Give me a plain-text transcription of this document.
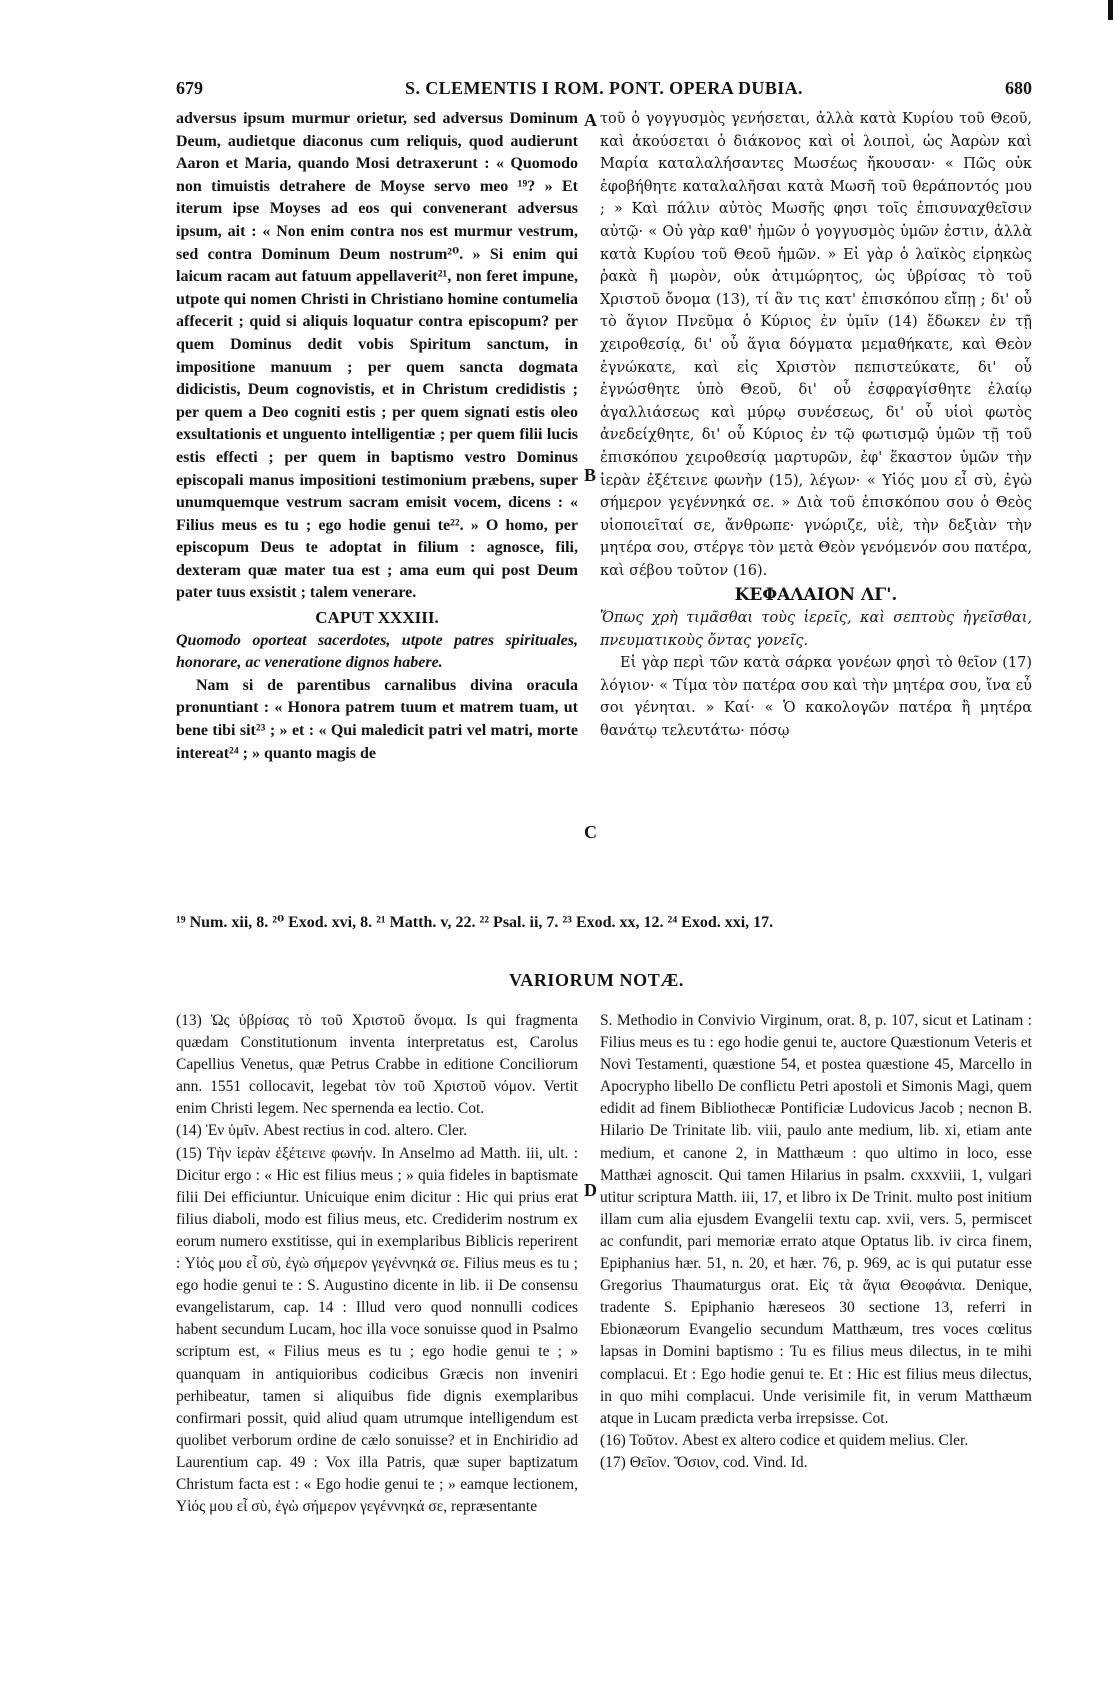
679	S. CLEMENTIS I ROM. PONT. OPERA DUBIA.	680

adversus ipsum murmur orietur, sed adversus Dominum Deum, audietque diaconus cum reliquis, quod audierunt Aaron et Maria, quando Mosi detraxerunt : « Quomodo non timuistis detrahere de Moyse servo meo ¹⁹? » Et iterum ipse Moyses ad eos qui convenerant adversus ipsum, ait : « Non enim contra nos est murmur vestrum, sed contra Dominum Deum nostrum²⁰. » Si enim qui laicum racam aut fatuum appellaverit²¹, non feret impune, utpote qui nomen Christi in Christiano homine contumelia affecerit ; quid si aliquis loquatur contra episcopum? per quem Dominus dedit vobis Spiritum sanctum, in impositione manuum ; per quem sancta dogmata didicistis, Deum cognovistis, et in Christum credidistis ; per quem a Deo cogniti estis ; per quem signati estis oleo exsultationis et unguento intelligentiæ ; per quem filii lucis estis effecti ; per quem in baptismo vestro Dominus episcopali manus impositioni testimonium præbens, super unumquemque vestrum sacram emisit vocem, dicens : « Filius meus es tu ; ego hodie genui te²². » O homo, per episcopum Deus te adoptat in filium : agnosce, fili, dexteram quæ mater tua est ; ama eum qui post Deum pater tuus exsistit ; talem venerare.

CAPUT XXXIII.

Quomodo oporteat sacerdotes, utpote patres spirituales, honorare, ac veneratione dignos habere.

Nam si de parentibus carnalibus divina oracula pronuntiant : « Honora patrem tuum et matrem tuam, ut bene tibi sit²³ ; » et : « Qui maledicit patri vel matri, morte intereat²⁴ ; » quanto magis de

A
B
C

τοῦ ὁ γογγυσμὸς γενήσεται, ἀλλὰ κατὰ Κυρίου τοῦ Θεοῦ, καὶ ἀκούσεται ὁ διάκονος καὶ οἱ λοιποὶ, ὡς Ἀαρὼν καὶ Μαρία καταλαλήσαντες Μωσέως ἤκουσαν· « Πῶς οὐκ ἐφοβήθητε καταλαλῆσαι κατὰ Μωσῆ τοῦ θεράποντός μου ; » Καὶ πάλιν αὐτὸς Μωσῆς φησι τοῖς ἐπισυναχθεῖσιν αὐτῷ· « Οὐ γὰρ καθ' ἡμῶν ὁ γογγυσμὸς ὑμῶν ἐστιν, ἀλλὰ κατὰ Κυρίου τοῦ Θεοῦ ἡμῶν. » Εἰ γὰρ ὁ λαϊκὸς εἰρηκὼς ῥακὰ ἢ μωρὸν, οὐκ ἀτιμώρητος, ὡς ὑβρίσας τὸ τοῦ Χριστοῦ ὄνομα (13), τί ἂν τις κατ' ἐπισκόπου εἴπῃ ; δι' οὗ τὸ ἅγιον Πνεῦμα ὁ Κύριος ἐν ὑμῖν (14) ἔδωκεν ἐν τῇ χειροθεσίᾳ, δι' οὗ ἅγια δόγματα μεμαθήκατε, καὶ Θεὸν ἐγνώκατε, καὶ εἰς Χριστὸν πεπιστεύκατε, δι' οὗ ἐγνώσθητε ὑπὸ Θεοῦ, δι' οὗ ἐσφραγίσθητε ἐλαίῳ ἀγαλλιάσεως καὶ μύρῳ συνέσεως, δι' οὗ υἱοὶ φωτὸς ἀνεδείχθητε, δι' οὗ Κύριος ἐν τῷ φωτισμῷ ὑμῶν τῇ τοῦ ἐπισκόπου χειροθεσίᾳ μαρτυρῶν, ἐφ' ἕκαστον ὑμῶν τὴν ἱερὰν ἐξέτεινε φωνὴν (15), λέγων· « Υἱός μου εἶ σὺ, ἐγὼ σήμερον γεγέννηκά σε. » Διὰ τοῦ ἐπισκόπου σου ὁ Θεὸς υἱοποιεῖταί σε, ἄνθρωπε· γνώριζε, υἱὲ, τὴν δεξιὰν τὴν μητέρα σου, στέργε τὸν μετὰ Θεὸν γενόμενόν σου πατέρα, καὶ σέβου τοῦτον (16).

ΚΕΦΑΛΑΙΟΝ ΛΓ'.

Ὅπως χρὴ τιμᾶσθαι τοὺς ἱερεῖς, καὶ σεπτοὺς ἡγεῖσθαι, πνευματικοὺς ὄντας γονεῖς.

Εἰ γὰρ περὶ τῶν κατὰ σάρκα γονέων φησὶ τὸ θεῖον (17) λόγιον· « Τίμα τὸν πατέρα σου καὶ τὴν μητέρα σου, ἵνα εὖ σοι γένηται. » Καί· « Ὁ κακολογῶν πατέρα ἢ μητέρα θανάτῳ τελευτάτω· πόσῳ

¹⁹ Num. xii, 8. ²⁰ Exod. xvi, 8. ²¹ Matth. v, 22. ²² Psal. ii, 7. ²³ Exod. xx, 12. ²⁴ Exod. xxi, 17.
VARIORUM NOTÆ.

(13) Ὡς ὑβρίσας τὸ τοῦ Χριστοῦ ὄνομα. Is qui fragmenta quædam Constitutionum inventa interpretatus est, Carolus Capellius Venetus, quæ Petrus Crabbe in editione Conciliorum ann. 1551 collocavit, legebat τὸν τοῦ Χριστοῦ νόμον. Vertit enim Christi legem. Nec spernenda ea lectio. Cot.

(14) Ἐν ὑμῖν. Abest rectius in cod. altero. Cler.

(15) Τὴν ἱερὰν ἐξέτεινε φωνήν. In Anselmo ad Matth. iii, ult. : Dicitur ergo : « Hic est filius meus ; » quia fideles in baptismate filii Dei efficiuntur. Unicuique enim dicitur : Hic qui prius erat filius diaboli, modo est filius meus, etc. Crediderim nostrum ex eorum numero exstitisse, qui in exemplaribus Biblicis reperirent : Υἱός μου εἶ σὺ, ἐγὼ σήμερον γεγέννηκά σε. Filius meus es tu ; ego hodie genui te : S. Augustino dicente in lib. ii De consensu evangelistarum, cap. 14 : Illud vero quod nonnulli codices habent secundum Lucam, hoc illa voce sonuisse quod in Psalmo scriptum est, « Filius meus es tu ; ego hodie genui te ; » quanquam in antiquioribus codicibus Græcis non inveniri perhibeatur, tamen si aliquibus fide dignis exemplaribus confirmari possit, quid aliud quam utrumque intelligendum est quolibet verborum ordine de cælo sonuisse? et in Enchiridio ad Laurentium cap. 49 : Vox illa Patris, quæ super baptizatum Christum facta est : « Ego hodie genui te ; » eamque lectionem, Υἱός μου εἶ σὺ, ἐγὼ σήμερον γεγέννηκά σε, repræsentante

D

S. Methodio in Convivio Virginum, orat. 8, p. 107, sicut et Latinam : Filius meus es tu : ego hodie genui te, auctore Quæstionum Veteris et Novi Testamenti, quæstione 54, et postea quæstione 45, Marcello in Apocrypho libello De conflictu Petri apostoli et Simonis Magi, quem edidit ad finem Bibliothecæ Pontificiæ Ludovicus Jacob ; necnon B. Hilario De Trinitate lib. viii, paulo ante medium, lib. xi, etiam ante medium, et canone 2, in Matthæum : quo ultimo in loco, esse Matthæi agnoscit. Qui tamen Hilarius in psalm. cxxxviii, 1, vulgari utitur scriptura Matth. iii, 17, et libro ix De Trinit. multo post initium illam cum alia ejusdem Evangelii textu cap. xvii, vers. 5, permiscet ac confundit, pari memoriæ errato atque Optatus lib. iv circa finem, Epiphanius hær. 51, n. 20, et hær. 76, p. 969, ac is qui putatur esse Gregorius Thaumaturgus orat. Εἰς τὰ ἅγια Θεοφάνια. Denique, tradente S. Epiphanio hæreseos 30 sectione 13, referri in Ebionæorum Evangelio secundum Matthæum, tres voces cœlitus lapsas in Domini baptismo : Tu es filius meus dilectus, in te mihi complacui. Et : Ego hodie genui te. Et : Hic est filius meus dilectus, in quo mihi complacui. Unde verisimile fit, in verum Matthæum atque in Lucam prædicta verba irrepsisse. Cot.

(16) Τοῦτον. Abest ex altero codice et quidem melius. Cler.

(17) Θεῖον. Ὅσιον, cod. Vind. Id.
